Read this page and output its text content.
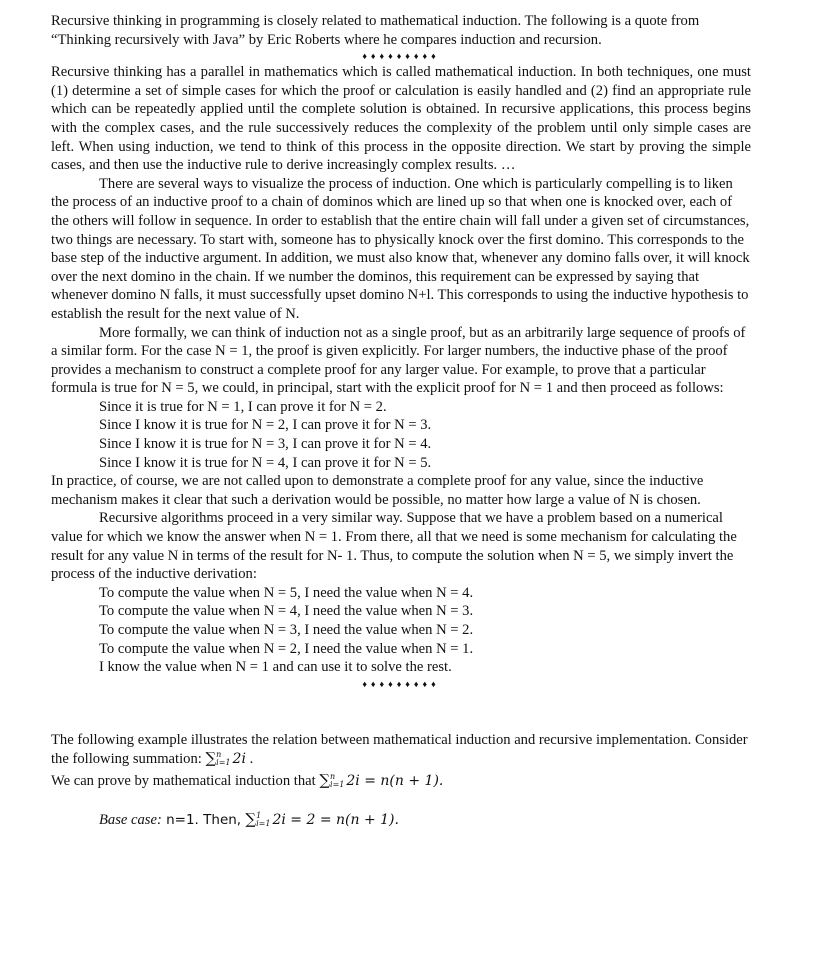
Recursive thinking in programming is closely related to mathematical induction. The following is a quote from “Thinking recursively with Java” by Eric Roberts where he compares induction and recursion.

♦♦♦♦♦♦♦♦♦

Recursive thinking has a parallel in mathematics which is called mathematical induction. In both techniques, one must (1) determine a set of simple cases for which the proof or calculation is easily handled and (2) find an appropriate rule which can be repeatedly applied until the complete solution is obtained. In recursive applications, this process begins with the complex cases, and the rule successively reduces the complexity of the problem until only simple cases are left. When using induction, we tend to think of this process in the opposite direction. We start by proving the simple cases, and then use the inductive rule to derive increasingly complex results. …

There are several ways to visualize the process of induction. One which is particularly compelling is to liken the process of an inductive proof to a chain of dominos which are lined up so that when one is knocked over, each of the others will follow in sequence. In order to establish that the entire chain will fall under a given set of circumstances, two things are necessary. To start with, someone has to physically knock over the first domino. This corresponds to the base step of the inductive argument. In addition, we must also know that, whenever any domino falls over, it will knock over the next domino in the chain. If we number the dominos, this requirement can be expressed by saying that whenever domino N falls, it must successfully upset domino N+l. This corresponds to using the inductive hypothesis to establish the result for the next value of N.

More formally, we can think of induction not as a single proof, but as an arbitrarily large sequence of proofs of a similar form. For the case N = 1, the proof is given explicitly. For larger numbers, the inductive phase of the proof provides a mechanism to construct a complete proof for any larger value. For example, to prove that a particular formula is true for N = 5, we could, in principal, start with the explicit proof for N = 1 and then proceed as follows:

Since it is true for N = 1, I can prove it for N = 2.

Since I know it is true for N = 2, I can prove it for N = 3.

Since I know it is true for N = 3, I can prove it for N = 4.

Since I know it is true for N = 4, I can prove it for N = 5.

In practice, of course, we are not called upon to demonstrate a complete proof for any value, since the inductive mechanism makes it clear that such a derivation would be possible, no matter how large a value of N is chosen.

Recursive algorithms proceed in a very similar way. Suppose that we have a problem based on a numerical value for which we know the answer when N = 1. From there, all that we need is some mechanism for calculating the result for any value N in terms of the result for N- 1. Thus, to compute the solution when N = 5, we simply invert the process of the inductive derivation:

To compute the value when N = 5, I need the value when N = 4.

To compute the value when N = 4, I need the value when N = 3.

To compute the value when N = 3, I need the value when N = 2.

To compute the value when N = 2, I need the value when N = 1.

I know the value when N = 1 and can use it to solve the rest.

♦♦♦♦♦♦♦♦♦

The following example illustrates the relation between mathematical induction and recursive implementation. Consider the following summation: ∑ n
i=1 2i .

We can prove by mathematical induction that ∑ n
i=1 2i = n(n + 1).

Base case: n=1. Then, ∑ 1
i=1 2i = 2 = n(n + 1).
